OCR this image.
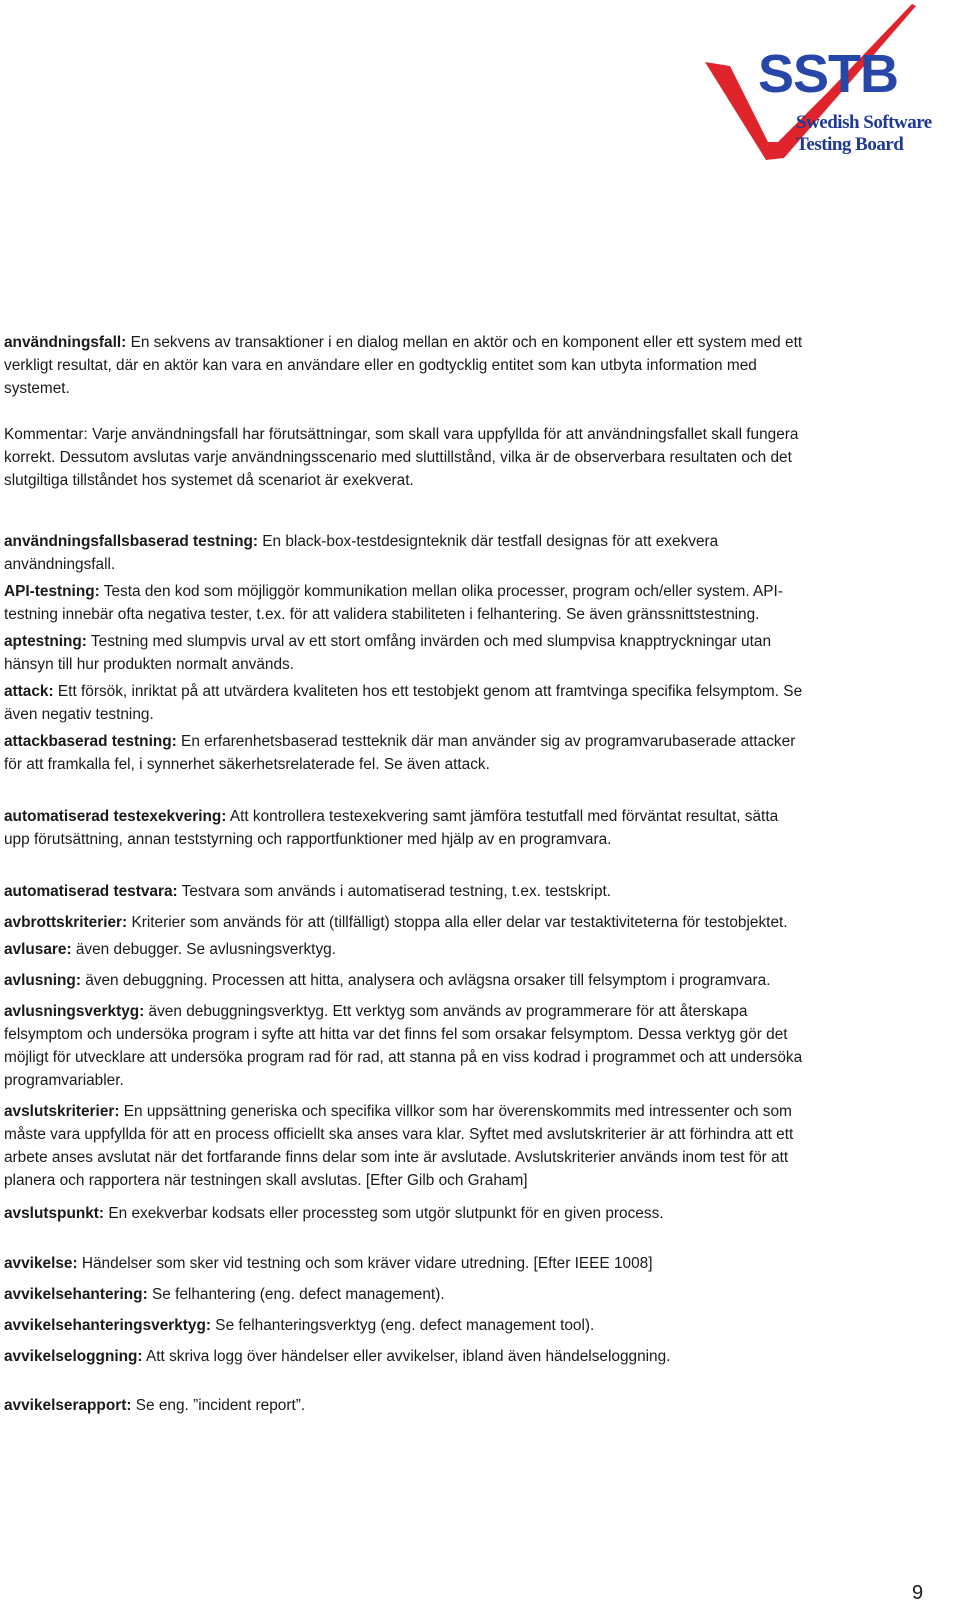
SSTB
Swedish Software
Testing Board

användningsfall: En sekvens av transaktioner i en dialog mellan en aktör och en komponent eller ett system med ett verkligt resultat, där en aktör kan vara en användare eller en godtycklig entitet som kan utbyta information med systemet.

Kommentar: Varje användningsfall har förutsättningar, som skall vara uppfyllda för att användningsfallet skall fungera korrekt. Dessutom avslutas varje användningsscenario med sluttillstånd, vilka är de observerbara resultaten och det slutgiltiga tillståndet hos systemet då scenariot är exekverat.

användningsfallsbaserad testning: En black-box-testdesignteknik där testfall designas för att exekvera användningsfall.

API-testning: Testa den kod som möjliggör kommunikation mellan olika processer, program och/eller system. API-testning innebär ofta negativa tester, t.ex. för att validera stabiliteten i felhantering. Se även gränssnittstestning.

aptestning: Testning med slumpvis urval av ett stort omfång invärden och med slumpvisa knapptryckningar utan hänsyn till hur produkten normalt används.

attack: Ett försök, inriktat på att utvärdera kvaliteten hos ett testobjekt genom att framtvinga specifika felsymptom. Se även negativ testning.

attackbaserad testning: En erfarenhetsbaserad testteknik där man använder sig av programvarubaserade attacker för att framkalla fel, i synnerhet säkerhetsrelaterade fel. Se även attack.

automatiserad testexekvering: Att kontrollera testexekvering samt jämföra testutfall med förväntat resultat, sätta upp förutsättning, annan teststyrning och rapportfunktioner med hjälp av en programvara.

automatiserad testvara: Testvara som används i automatiserad testning, t.ex. testskript.

avbrottskriterier: Kriterier som används för att (tillfälligt) stoppa alla eller delar var testaktiviteterna för testobjektet.

avlusare: även debugger. Se avlusningsverktyg.

avlusning: även debuggning. Processen att hitta, analysera och avlägsna orsaker till felsymptom i programvara.

avlusningsverktyg: även debuggningsverktyg. Ett verktyg som används av programmerare för att återskapa felsymptom och undersöka program i syfte att hitta var det finns fel som orsakar felsymptom. Dessa verktyg gör det möjligt för utvecklare att undersöka program rad för rad, att stanna på en viss kodrad i programmet och att undersöka programvariabler.

avslutskriterier: En uppsättning generiska och specifika villkor som har överenskommits med intressenter och som måste vara uppfyllda för att en process officiellt ska anses vara klar. Syftet med avslutskriterier är att förhindra att ett arbete anses avslutat när det fortfarande finns delar som inte är avslutade. Avslutskriterier används inom test för att planera och rapportera när testningen skall avslutas. [Efter Gilb och Graham]

avslutspunkt: En exekverbar kodsats eller processteg som utgör slutpunkt för en given process.

avvikelse: Händelser som sker vid testning och som kräver vidare utredning. [Efter IEEE 1008]

avvikelsehantering: Se felhantering (eng. defect management).

avvikelsehanteringsverktyg: Se felhanteringsverktyg (eng. defect management tool).

avvikelseloggning: Att skriva logg över händelser eller avvikelser, ibland även händelseloggning.

avvikelserapport: Se eng. ”incident report”.

9
